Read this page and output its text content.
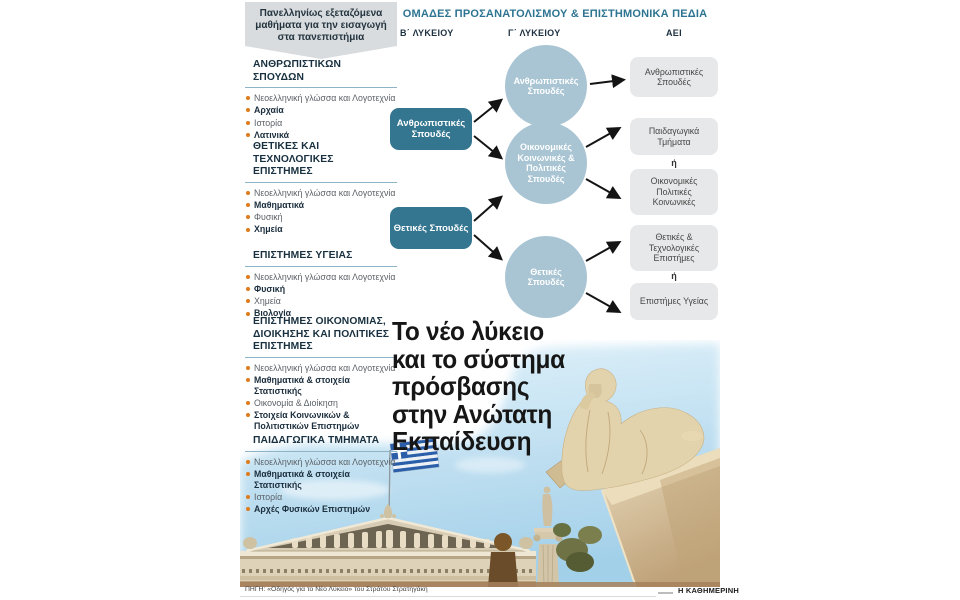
Πανελληνίως εξεταζόμενα μαθήματα για την εισαγωγή στα πανεπιστήμια
ΑΝΘΡΩΠΙΣΤΙΚΩΝ ΣΠΟΥΔΩΝ
Νεοελληνική γλώσσα και Λογοτεχνία
Αρχαία
Ιστορία
Λατινικά
ΘΕΤΙΚΕΣ ΚΑΙ ΤΕΧΝΟΛΟΓΙΚΕΣ ΕΠΙΣΤΗΜΕΣ
Νεοελληνική γλώσσα και Λογοτεχνία
Μαθηματικά
Φυσική
Χημεία
ΕΠΙΣΤΗΜΕΣ ΥΓΕΙΑΣ
Νεοελληνική γλώσσα και Λογοτεχνία
Φυσική
Χημεία
Βιολογία
ΕΠΙΣΤΗΜΕΣ ΟΙΚΟΝΟΜΙΑΣ, ΔΙΟΙΚΗΣΗΣ ΚΑΙ ΠΟΛΙΤΙΚΕΣ ΕΠΙΣΤΗΜΕΣ
Νεοελληνική γλώσσα και Λογοτεχνία
Μαθηματικά & στοιχεία Στατιστικής
Οικονομία & Διοίκηση
Στοιχεία Κοινωνικών & Πολιτιστικών Επιστημών
ΠΑΙΔΑΓΩΓΙΚΑ ΤΜΗΜΑΤΑ
Νεοελληνική γλώσσα και Λογοτεχνία
Μαθηματικά & στοιχεία Στατιστικής
Ιστορία
Αρχές Φυσικών Επιστημών
ΟΜΑΔΕΣ ΠΡΟΣΑΝΑΤΟΛΙΣΜΟΥ & ΕΠΙΣΤΗΜΟΝΙΚΑ ΠΕΔΙΑ
Β΄ ΛΥΚΕΙΟΥ	Γ΄ ΛΥΚΕΙΟΥ	ΑΕΙ
Ανθρωπιστικές Σπουδές
Θετικές Σπουδές
Ανθρωπιστικές Σπουδές
Οικονομικές Κοινωνικές & Πολιτικές Σπουδές
Θετικές Σπουδές
Ανθρωπιστικές Σπουδές
Παιδαγωγικά Τμήματα
ή
Οικονομικές Πολιτικές Κοινωνικές
Θετικές & Τεχνολογικές Επιστήμες
ή
Επιστήμες Υγείας
Το νέο λύκειο
και το σύστημα
πρόσβασης
στην Ανώτατη
Εκπαίδευση
ΠΗΓΗ: «Οδηγός για το Νέο Λύκειο» του Στράτου Στρατηγάκη	Η ΚΑΘΗΜΕΡΙΝΗ
